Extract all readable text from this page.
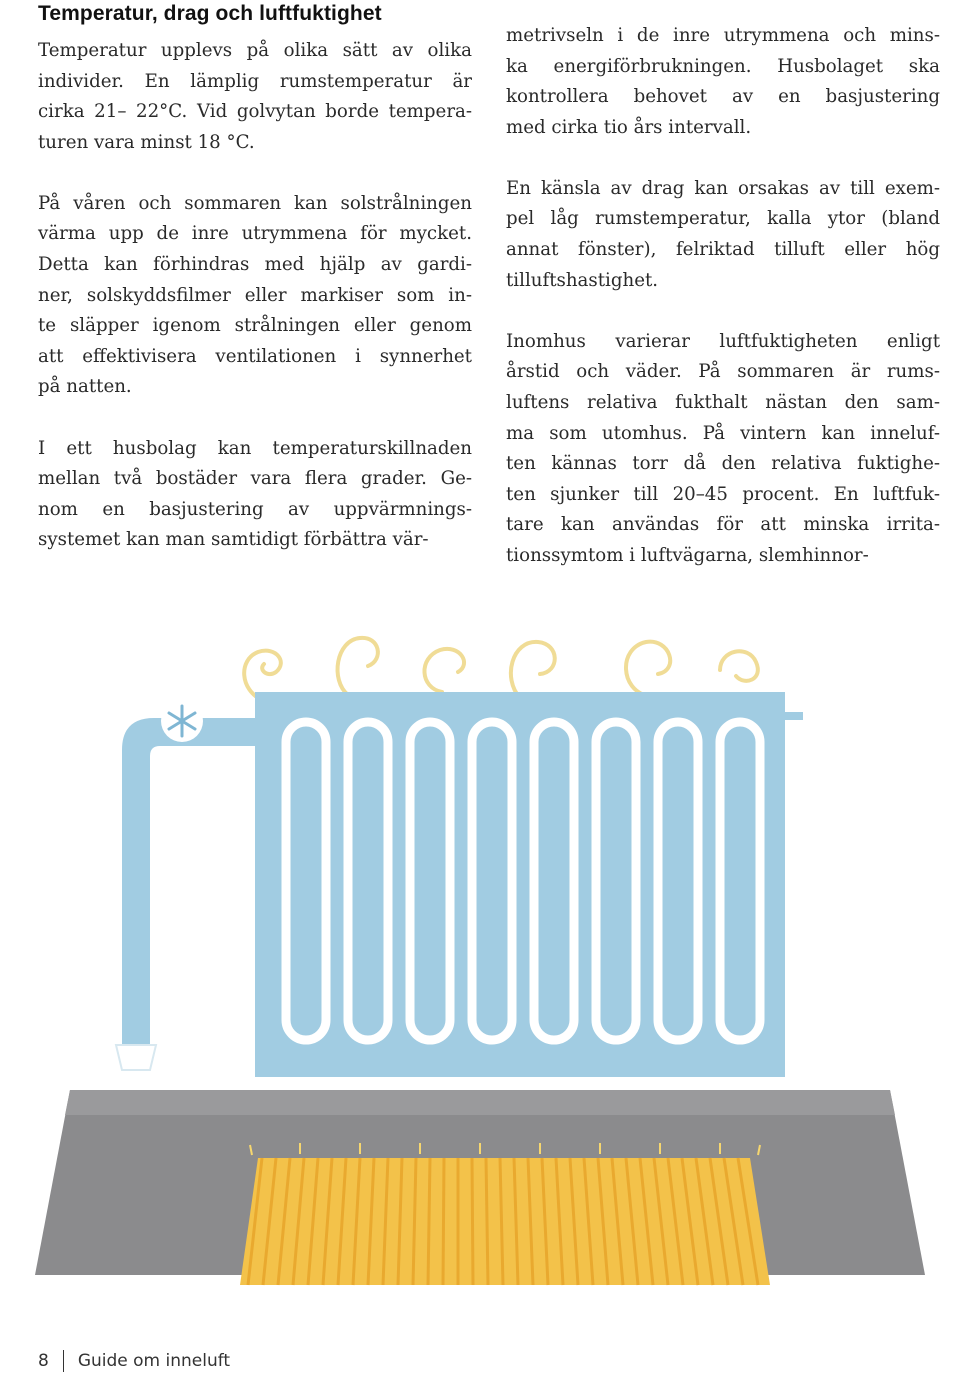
Temperatur, drag och luftfuktighet
Temperatur upplevs på olika sätt av olika
individer. En lämplig rumstemperatur är
cirka 21– 22°C. Vid golvytan borde tempera-
turen vara minst 18 °C.
På våren och sommaren kan solstrålningen
värma upp de inre utrymmena för mycket.
Detta kan förhindras med hjälp av gardi-
ner, solskyddsfilmer eller markiser som in-
te släpper igenom strålningen eller genom
att effektivisera ventilationen i synnerhet
på natten.
I ett husbolag kan temperaturskillnaden
mellan två bostäder vara flera grader. Ge-
nom en basjustering av uppvärmnings-
systemet kan man samtidigt förbättra vär-
metrivseln i de inre utrymmena och mins-
ka energiförbrukningen. Husbolaget ska
kontrollera behovet av en basjustering
med cirka tio års intervall.
En känsla av drag kan orsakas av till exem-
pel låg rumstemperatur, kalla ytor (bland
annat fönster), felriktad tilluft eller hög
tilluftshastighet.
Inomhus varierar luftfuktigheten enligt
årstid och väder. På sommaren är rums-
luftens relativa fukthalt nästan den sam-
ma som utomhus. På vintern kan inneluf-
ten kännas torr då den relativa fuktighe-
ten sjunker till 20–45 procent. En luftfuk-
tare kan användas för att minska irrita-
tionssymtom i luftvägarna, slemhinnor-
8 Guide om inneluft
